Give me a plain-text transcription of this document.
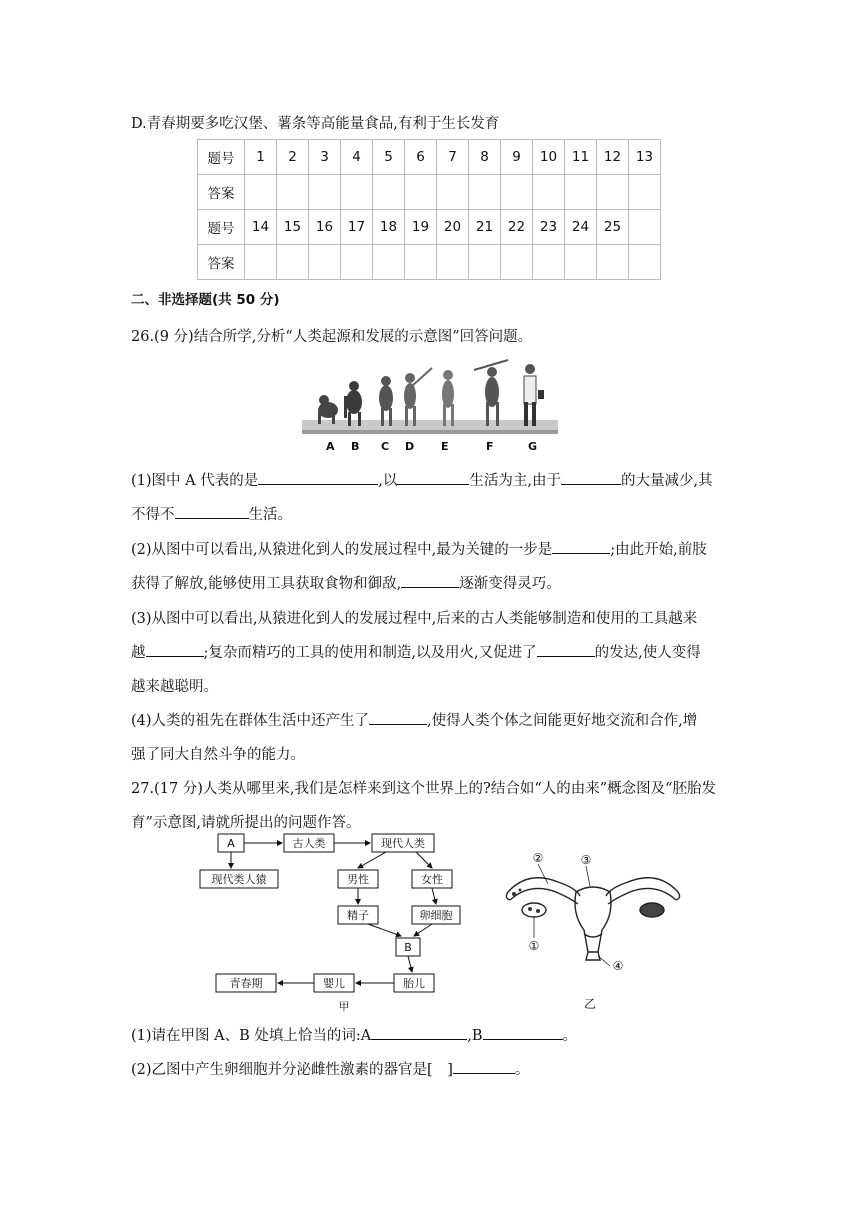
D.青春期要多吃汉堡、薯条等高能量食品,有利于生长发育
题号	1	2	3	4	5	6	7	8	9	10	11	12	13
答案													
题号	14	15	16	17	18	19	20	21	22	23	24	25	
答案													
二、非选择题(共 50 分)
26.(9 分)结合所学,分析“人类起源和发展的示意图”回答问题。
A B C D E	F	G
(1)图中 A 代表的是	,以	生活为主,由于	的大量减少,其
不得不	生活。
(2)从图中可以看出,从猿进化到人的发展过程中,最为关键的一步是	;由此开始,前肢
获得了解放,能够使用工具获取食物和御敌,	逐渐变得灵巧。
(3)从图中可以看出,从猿进化到人的发展过程中,后来的古人类能够制造和使用的工具越来
越	;复杂而精巧的工具的使用和制造,以及用火,又促进了	的发达,使人变得
越来越聪明。
(4)人类的祖先在群体生活中还产生了	,使得人类个体之间能更好地交流和合作,增
强了同大自然斗争的能力。
27.(17 分)人类从哪里来,我们是怎样来到这个世界上的?结合如“人的由来”概念图及“胚胎发
育”示意图,请就所提出的问题作答。
A	古人类	现代人类
现代类人猿	男性	女性
精子	卵细胞
B
胎儿
婴儿
青春期
甲
②	③
①
④
乙
(1)请在甲图 A、B 处填上恰当的词:A	,B	。
(2)乙图中产生卵细胞并分泌雌性激素的器官是[　]	。
